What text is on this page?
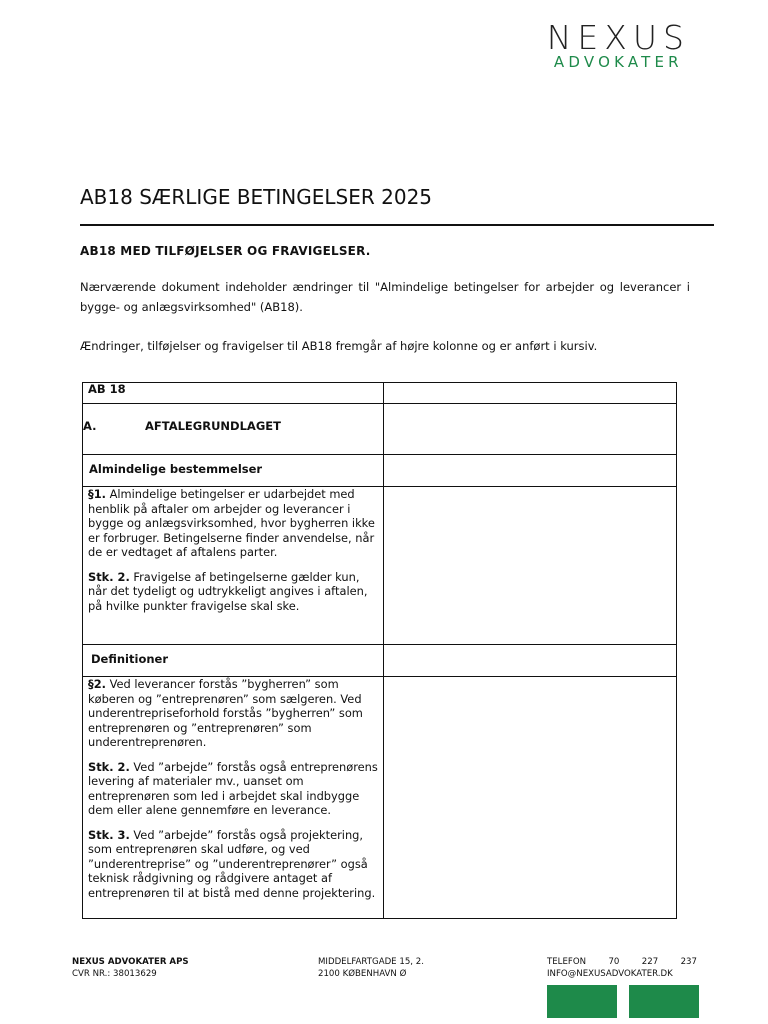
NEXUS
ADVOKATER
AB18 SÆRLIGE BETINGELSER 2025
AB18 MED TILFØJELSER OG FRAVIGELSER.

Nærværende dokument indeholder ændringer til "Almindelige betingelser for arbejder og leverancer i bygge- og anlægsvirksomhed" (AB18).

Ændringer, tilføjelser og fravigelser til AB18 fremgår af højre kolonne og er anført i kursiv.

AB 18	

A. AFTALEGRUNDLAGET	

Almindelige bestemmelser	

§1. Almindelige betingelser er udarbejdet med henblik på aftaler om arbejder og leverancer i bygge og anlægsvirksomhed, hvor bygherren ikke er forbruger. Betingelserne finder anvendelse, når de er vedtaget af aftalens parter.

Stk. 2. Fravigelse af betingelserne gælder kun, når det tydeligt og udtrykkeligt angives i aftalen, på hvilke punkter fravigelse skal ske.	

Definitioner	

§2. Ved leverancer forstås ”bygherren” som køberen og ”entreprenøren” som sælgeren. Ved underentrepriseforhold forstås ”bygherren” som entreprenøren og ”entreprenøren” som underentreprenøren.

Stk. 2. Ved ”arbejde” forstås også entreprenørens levering af materialer mv., uanset om entreprenøren som led i arbejdet skal indbygge dem eller alene gennemføre en leverance.

Stk. 3. Ved ”arbejde” forstås også projektering, som entreprenøren skal udføre, og ved ”underentreprise” og ”underentreprenører” også teknisk rådgivning og rådgivere antaget af entreprenøren til at bistå med denne projektering.	

NEXUS ADVOKATER APS
CVR NR.: 38013629
MIDDELFARTGADE 15, 2.
2100 KØBENHAVN Ø
TELEFON	70	227	237
INFO@NEXUSADVOKATER.DK
